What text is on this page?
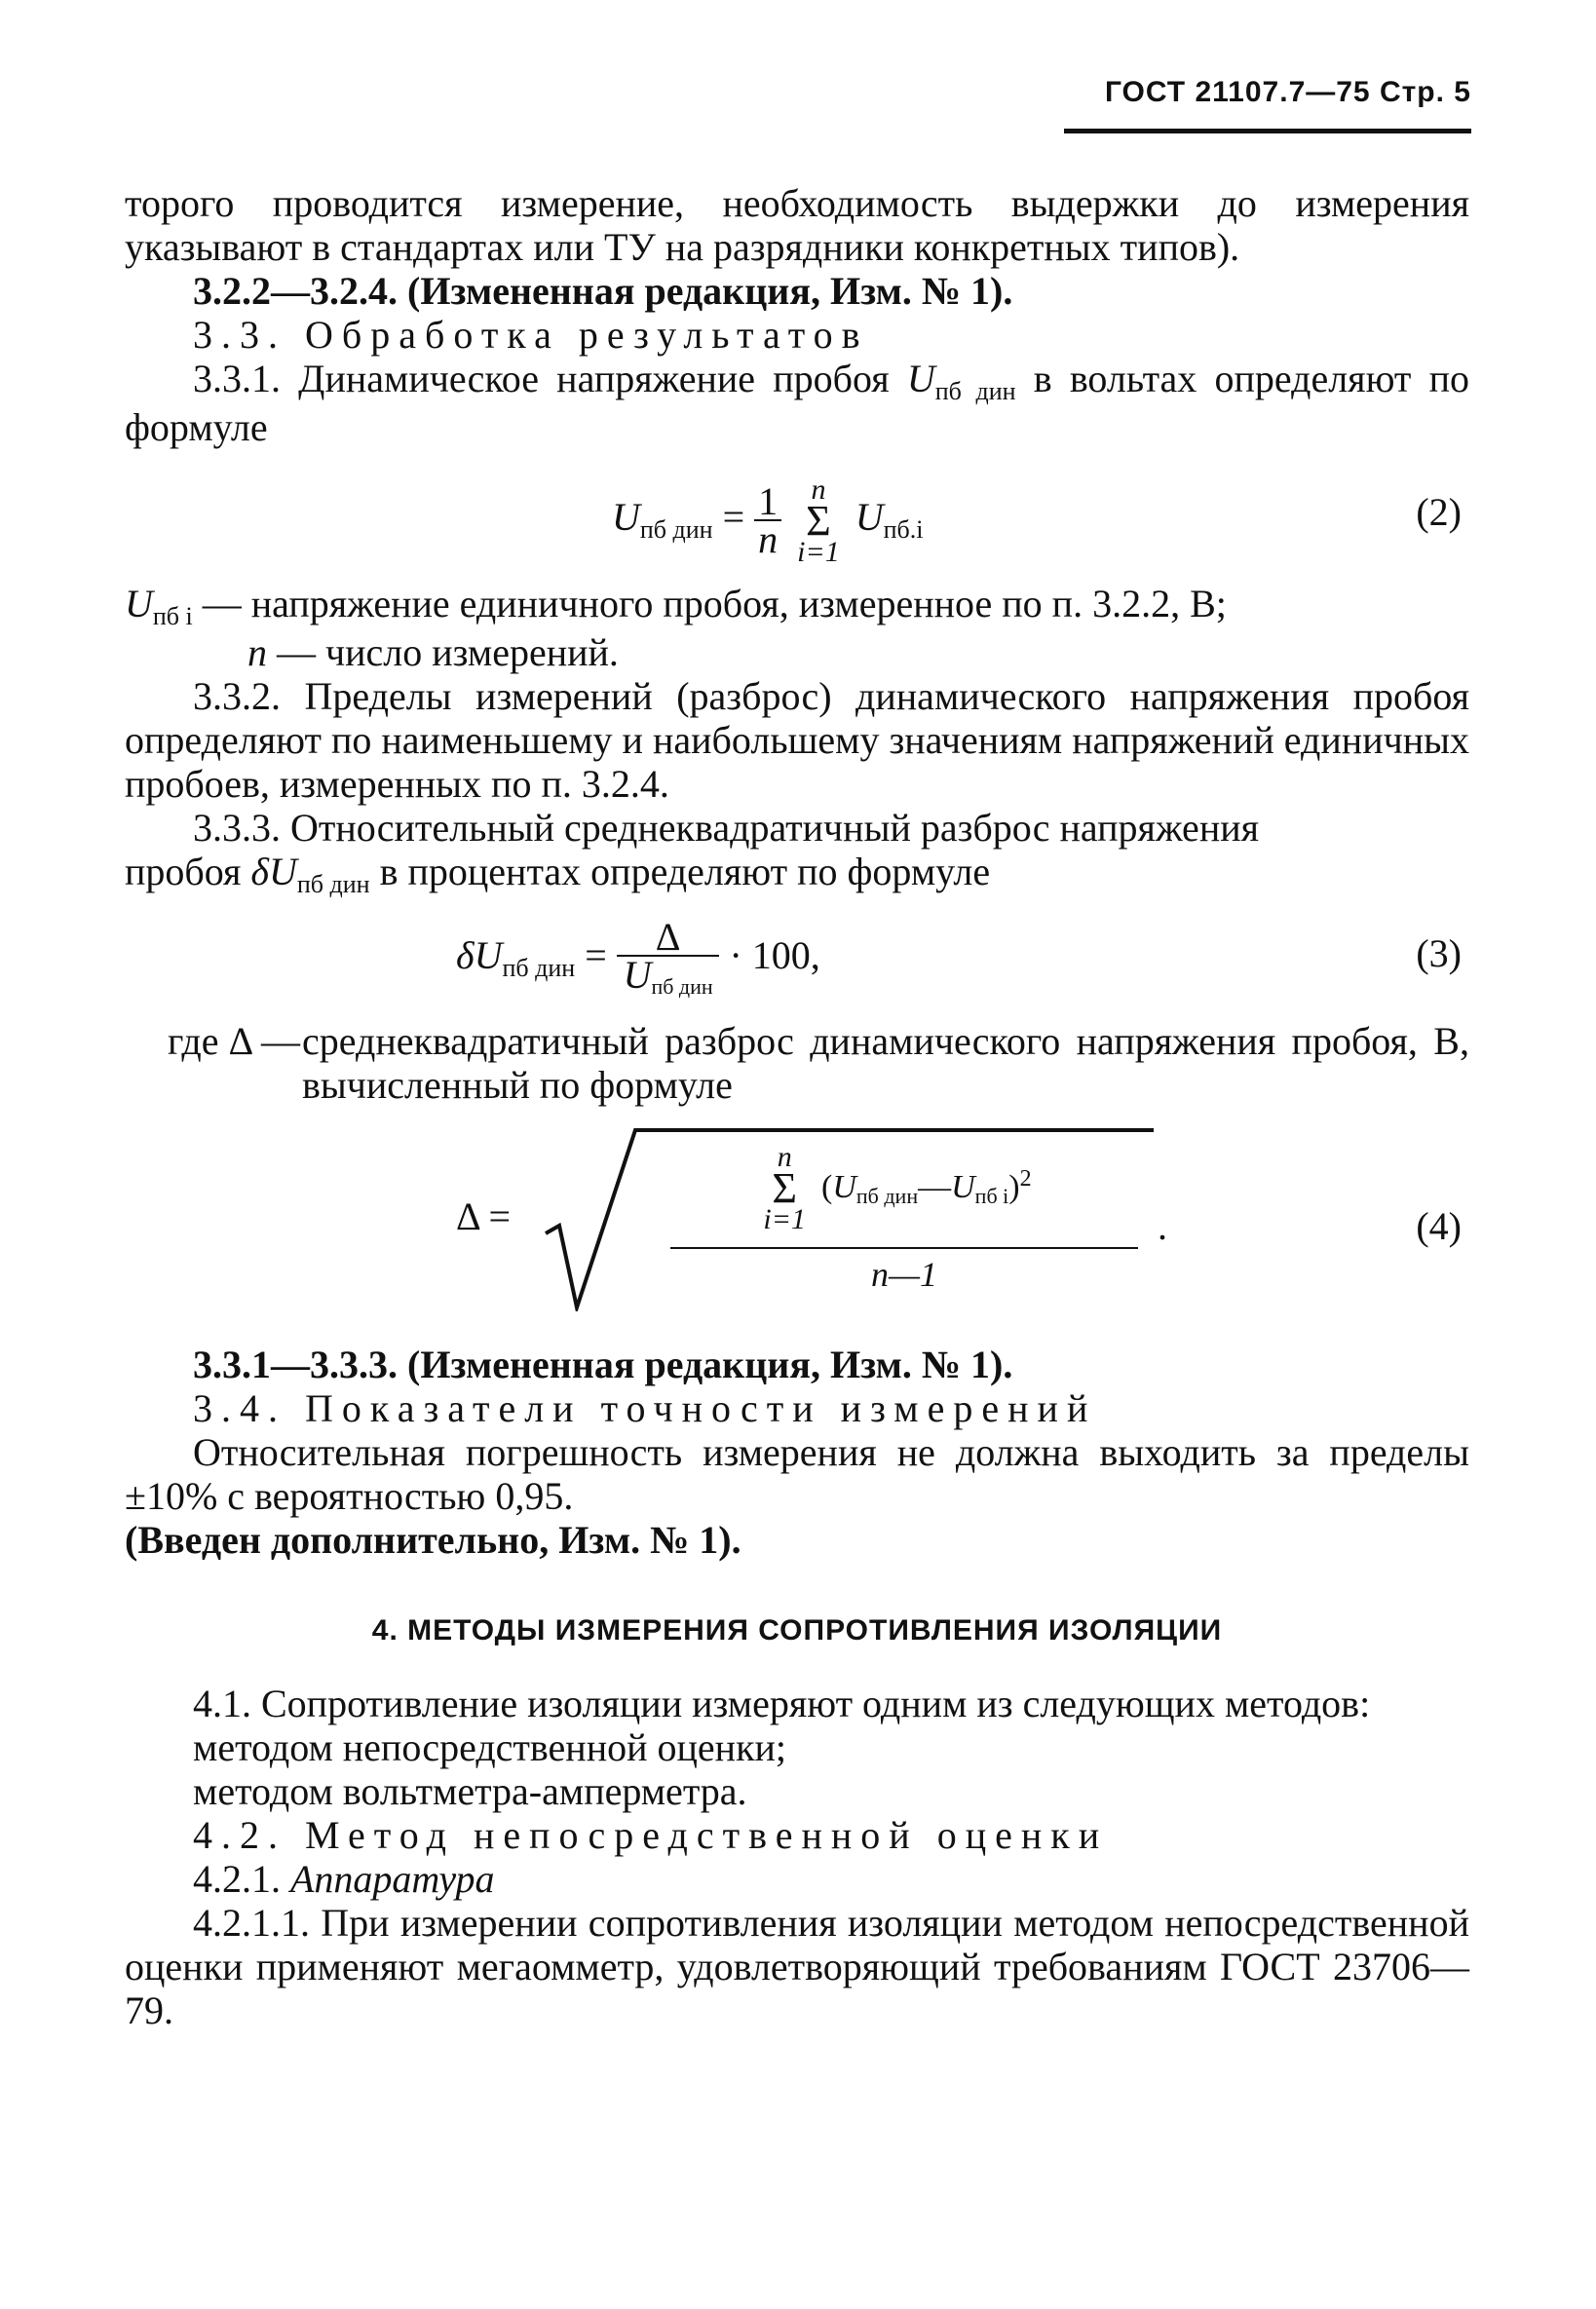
ГОСТ 21107.7—75 Стр. 5

торого проводится измерение, необходимость выдержки до измерения указывают в стандартах или ТУ на разрядники конкретных типов).

3.2.2—3.2.4. (Измененная редакция, Изм. № 1).

3.3. Обработка результатов

3.3.1. Динамическое напряжение пробоя $U_{пб дин}$ в вольтах определяют по формуле

$U_{пб дин} = \frac{1}{n}$ n
Σ
i=1 $U_{пб.i}$	(2)

$U_{пб i}$ — напряжение единичного пробоя, измеренное по п. 3.2.2, В;

n — число измерений.

3.3.2. Пределы измерений (разброс) динамического напряжения пробоя определяют по наименьшему и наибольшему значениям напряжений единичных пробоев, измеренных по п. 3.2.4.

3.3.3. Относительный среднеквадратичный разброс напряжения

пробоя $\delta U_{пб дин}$ в процентах определяют по формуле

$\delta U_{пб дин} = \frac{\Delta}{\text{Uпб дин}} \cdot 100$,	(3)
где Δ — среднеквадратичный разброс динамического напряжения пробоя, В, вычисленный по формуле

Δ =
n
Σ
i=1 (Uпб дин—Uпб i)$^2$
n—1
.	(4)

3.3.1—3.3.3. (Измененная редакция, Изм. № 1).

3.4. Показатели точности измерений

Относительная погрешность измерения не должна выходить за пределы ±10% с вероятностью 0,95.

(Введен дополнительно, Изм. № 1).

4. МЕТОДЫ ИЗМЕРЕНИЯ СОПРОТИВЛЕНИЯ ИЗОЛЯЦИИ

4.1. Сопротивление изоляции измеряют одним из следующих методов:

методом непосредственной оценки;

методом вольтметра-амперметра.

4.2. Метод непосредственной оценки

4.2.1. Аппаратура

4.2.1.1. При измерении сопротивления изоляции методом непосредственной оценки применяют мегаомметр, удовлетворяющий требованиям ГОСТ 23706—79.
